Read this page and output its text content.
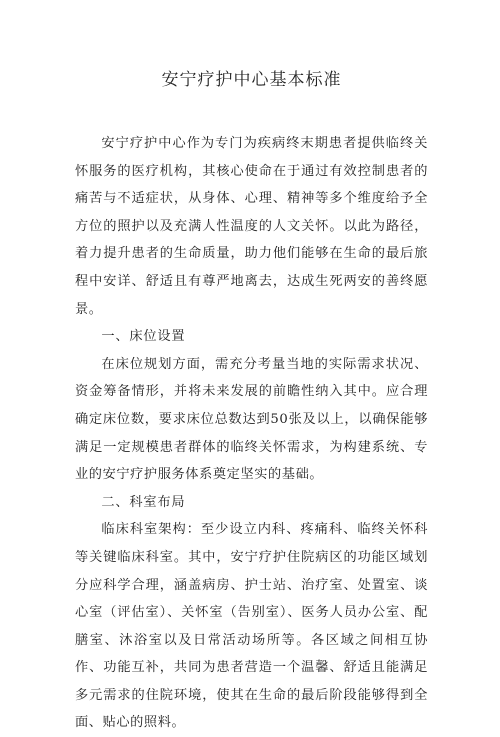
安宁疗护中心基本标准

安宁疗护中心作为专门为疾病终末期患者提供临终关怀服务的医疗机构，其核心使命在于通过有效控制患者的痛苦与不适症状，从身体、心理、精神等多个维度给予全方位的照护以及充满人性温度的人文关怀。以此为路径，着力提升患者的生命质量，助力他们能够在生命的最后旅程中安详、舒适且有尊严地离去，达成生死两安的善终愿景。

一、床位设置

在床位规划方面，需充分考量当地的实际需求状况、资金筹备情形，并将未来发展的前瞻性纳入其中。应合理确定床位数，要求床位总数达到50张及以上，以确保能够满足一定规模患者群体的临终关怀需求，为构建系统、专业的安宁疗护服务体系奠定坚实的基础。

二、科室布局

临床科室架构：至少设立内科、疼痛科、临终关怀科等关键临床科室。其中，安宁疗护住院病区的功能区域划分应科学合理，涵盖病房、护士站、治疗室、处置室、谈心室（评估室）、关怀室（告别室）、医务人员办公室、配膳室、沐浴室以及日常活动场所等。各区域之间相互协作、功能互补，共同为患者营造一个温馨、舒适且能满足多元需求的住院环境，使其在生命的最后阶段能够得到全面、贴心的照料。
